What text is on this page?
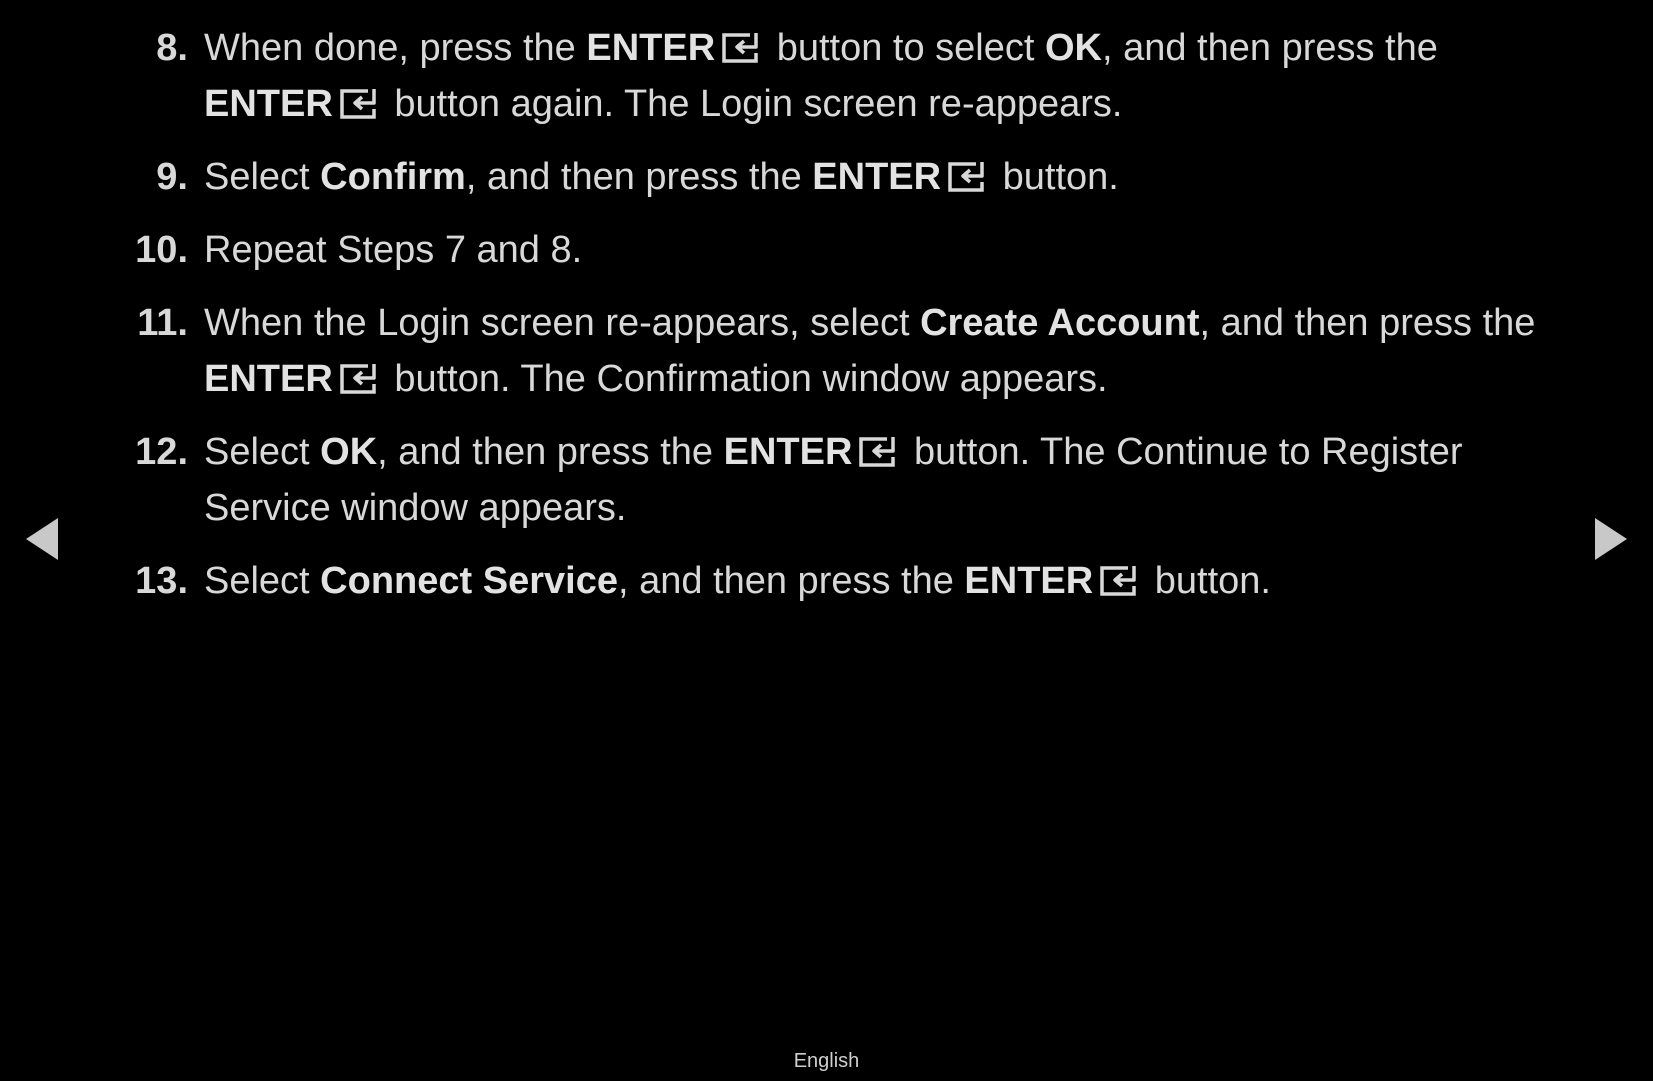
8. When done, press the ENTER button to select OK, and then press the
ENTER button again. The Login screen re-appears.
9. Select Confirm, and then press the ENTER button.
10. Repeat Steps 7 and 8.
11. When the Login screen re-appears, select Create Account, and then press the
ENTER button. The Confirmation window appears.
12. Select OK, and then press the ENTER button. The Continue to Register
Service window appears.
13. Select Connect Service, and then press the ENTER button.
English
